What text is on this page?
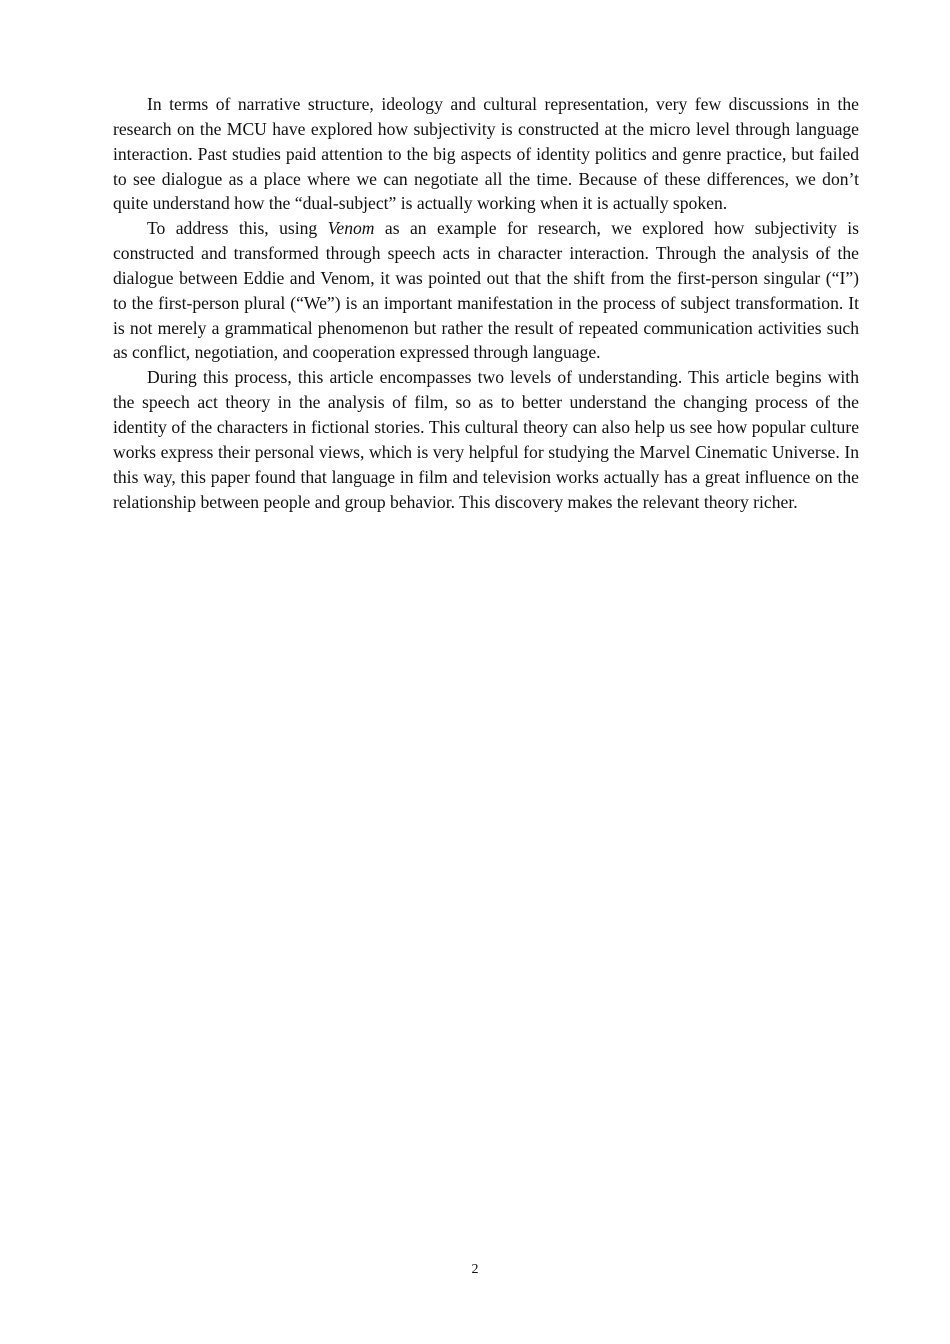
In terms of narrative structure, ideology and cultural representation, very few discussions in the research on the MCU have explored how subjectivity is constructed at the micro level through language interaction. Past studies paid attention to the big aspects of identity politics and genre practice, but failed to see dialogue as a place where we can negotiate all the time. Because of these differences, we don’t quite understand how the “dual-subject” is actually working when it is actually spoken.

To address this, using Venom as an example for research, we explored how subjectivity is constructed and transformed through speech acts in character interaction. Through the analysis of the dialogue between Eddie and Venom, it was pointed out that the shift from the first-person singular (“I”) to the first-person plural (“We”) is an important manifestation in the process of subject transformation. It is not merely a grammatical phenomenon but rather the result of repeated communication activities such as conflict, negotiation, and cooperation expressed through language.

During this process, this article encompasses two levels of understanding. This article begins with the speech act theory in the analysis of film, so as to better understand the changing process of the identity of the characters in fictional stories. This cultural theory can also help us see how popular culture works express their personal views, which is very helpful for studying the Marvel Cinematic Universe. In this way, this paper found that language in film and television works actually has a great influence on the relationship between people and group behavior. This discovery makes the relevant theory richer.

2
